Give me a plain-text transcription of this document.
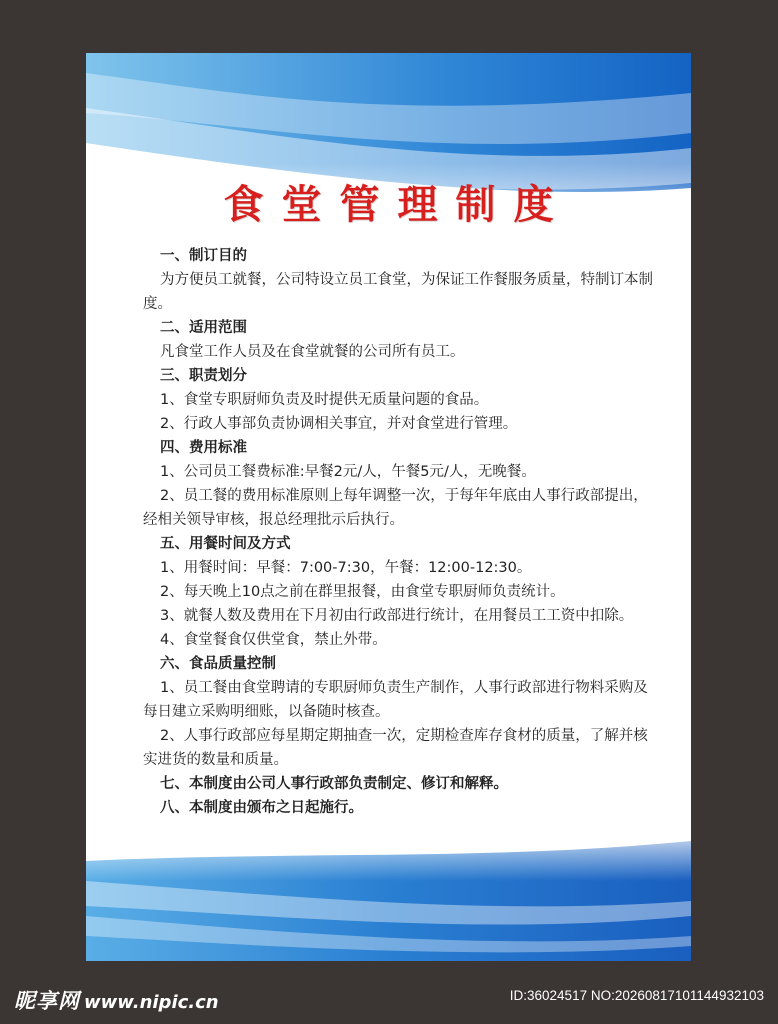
食堂管理制度
一、制订目的
为方便员工就餐，公司特设立员工食堂，为保证工作餐服务质量，特制订本制度。
二、适用范围
凡食堂工作人员及在食堂就餐的公司所有员工。
三、职责划分
1、食堂专职厨师负责及时提供无质量问题的食品。
2、行政人事部负责协调相关事宜，并对食堂进行管理。
四、费用标准
1、公司员工餐费标准:早餐2元/人，午餐5元/人，无晚餐。
2、员工餐的费用标准原则上每年调整一次，于每年年底由人事行政部提出，经相关领导审核，报总经理批示后执行。
五、用餐时间及方式
1、用餐时间：早餐：7:00-7:30，午餐：12:00-12:30。
2、每天晚上10点之前在群里报餐，由食堂专职厨师负责统计。
3、就餐人数及费用在下月初由行政部进行统计，在用餐员工工资中扣除。
4、食堂餐食仅供堂食，禁止外带。
六、食品质量控制
1、员工餐由食堂聘请的专职厨师负责生产制作，人事行政部进行物料采购及每日建立采购明细账，以备随时核查。
2、人事行政部应每星期定期抽查一次，定期检查库存食材的质量，了解并核实进货的数量和质量。
七、本制度由公司人事行政部负责制定、修订和解释。
八、本制度由颁布之日起施行。
昵享网 www.nipic.cn	ID:36024517 NO:20260817101144932103
